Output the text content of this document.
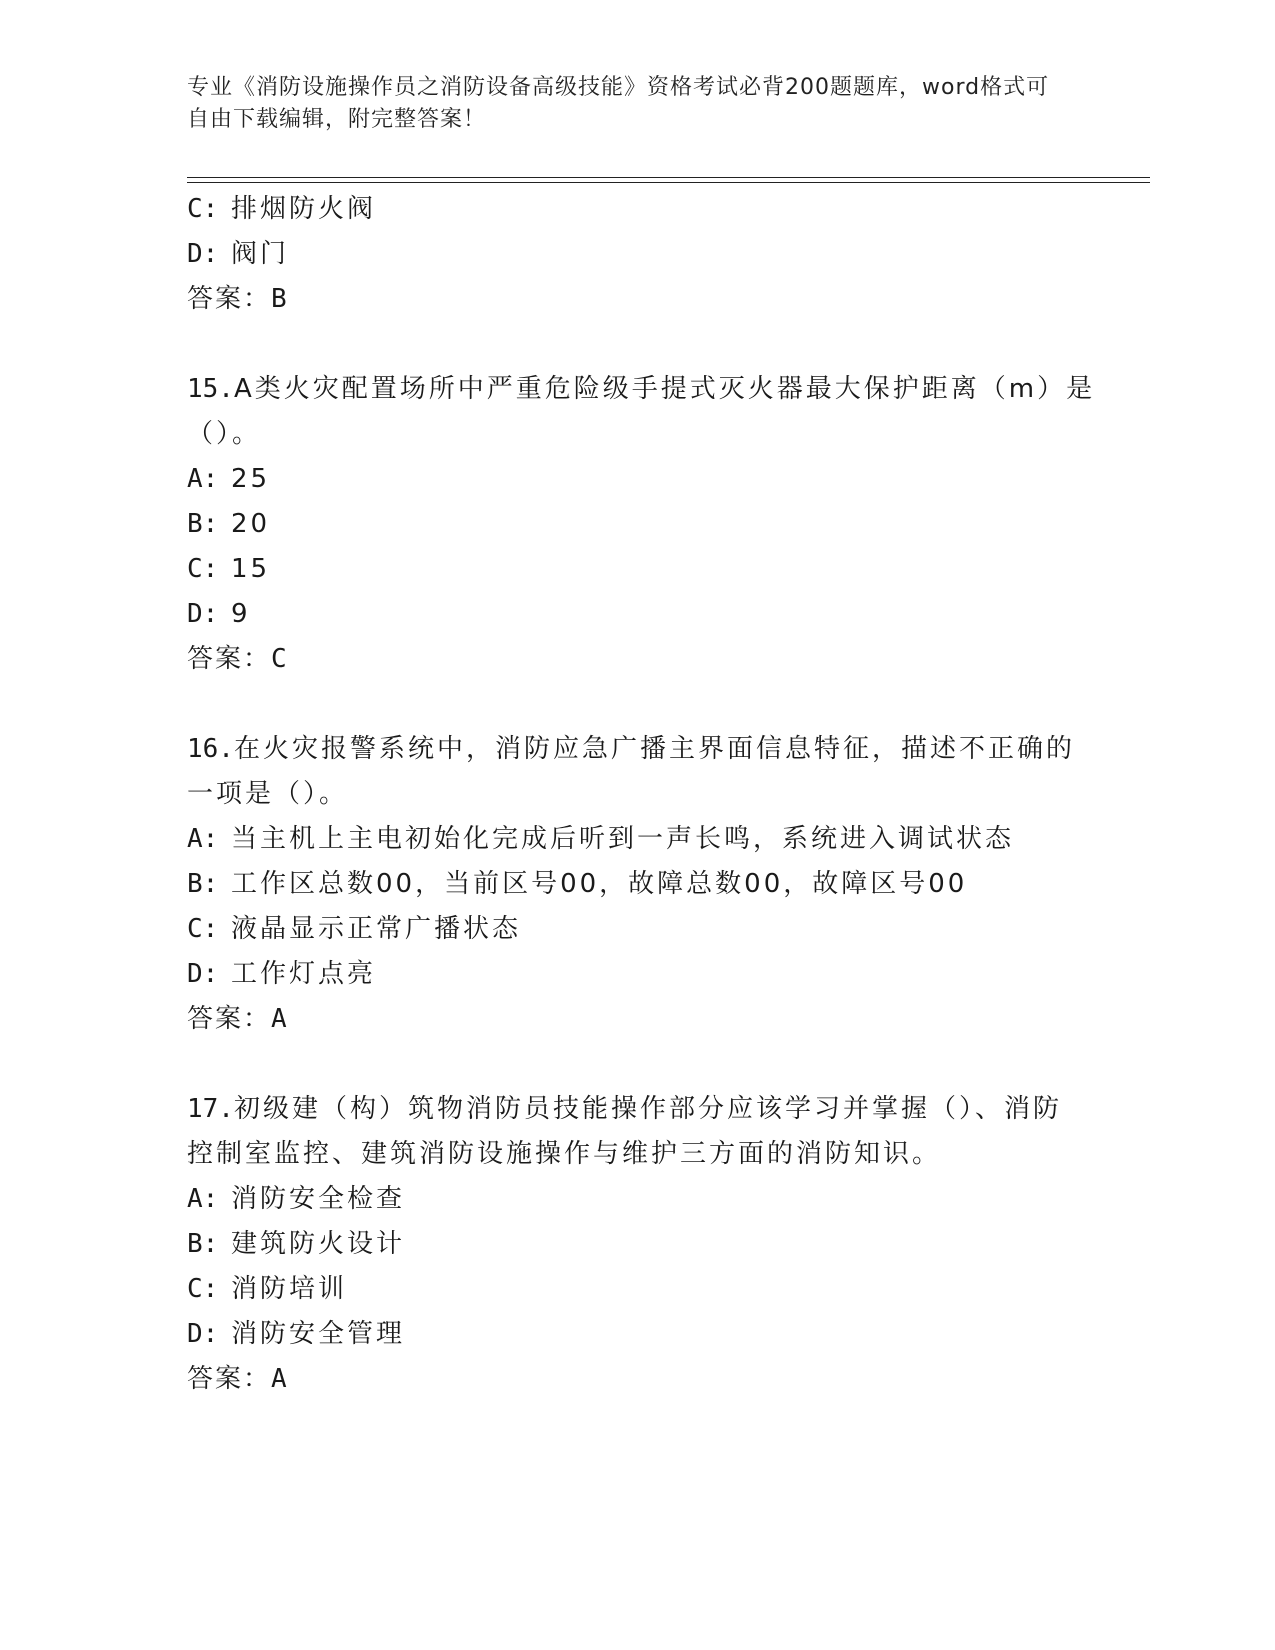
专业《消防设施操作员之消防设备高级技能》资格考试必背200题题库，word格式可自由下载编辑，附完整答案！
C: 排烟防火阀
D: 阀门
答案：B
15.A类火灾配置场所中严重危险级手提式灭火器最大保护距离（m）是
（）。
A: 25
B: 20
C: 15
D: 9
答案：C
16.在火灾报警系统中，消防应急广播主界面信息特征，描述不正确的
一项是（）。
A: 当主机上主电初始化完成后听到一声长鸣，系统进入调试状态
B: 工作区总数00，当前区号00，故障总数00，故障区号00
C: 液晶显示正常广播状态
D: 工作灯点亮
答案：A
17.初级建（构）筑物消防员技能操作部分应该学习并掌握（）、消防
控制室监控、建筑消防设施操作与维护三方面的消防知识。
A: 消防安全检查
B: 建筑防火设计
C: 消防培训
D: 消防安全管理
答案：A
